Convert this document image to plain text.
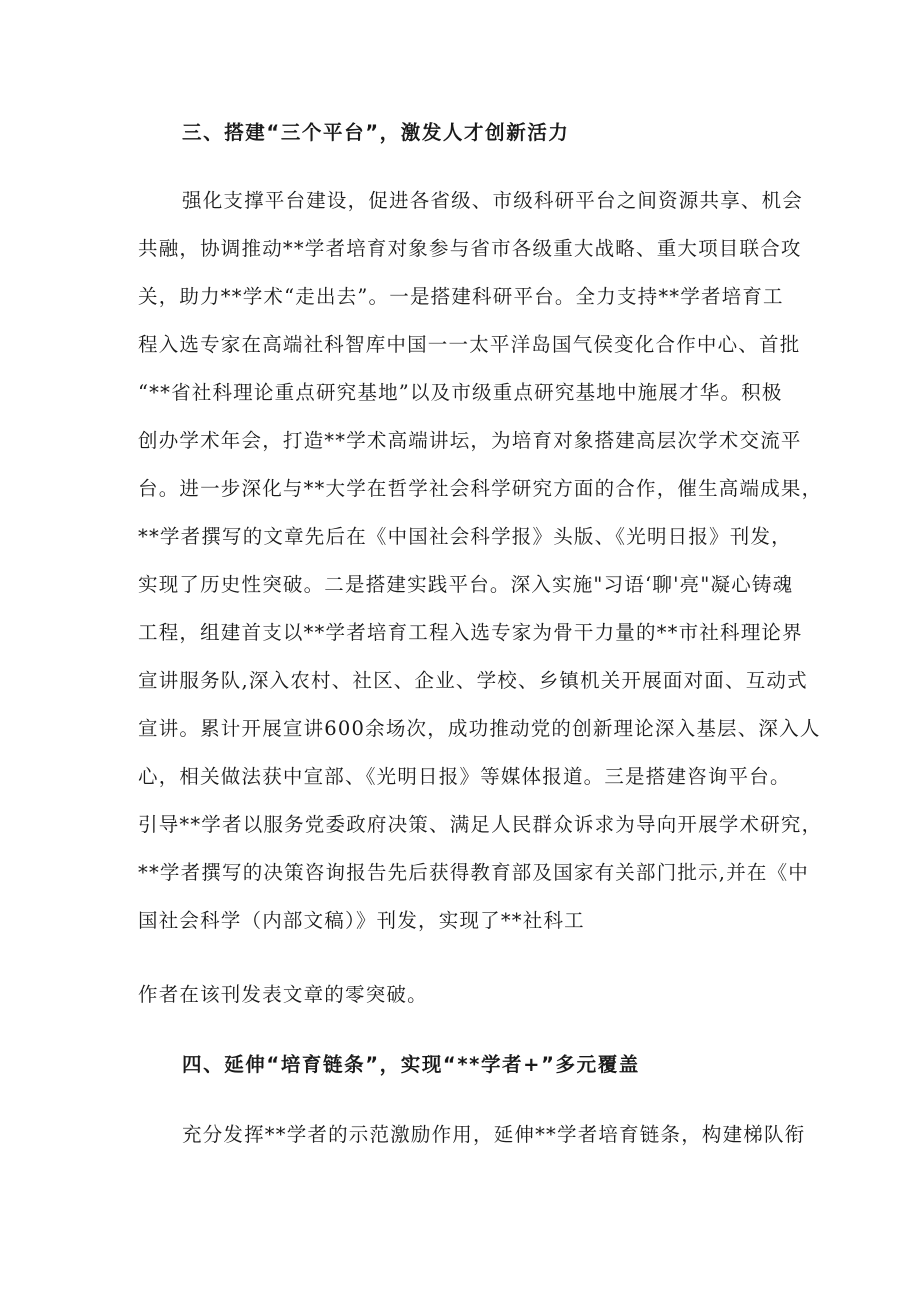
三、搭建“三个平台”，激发人才创新活力
强化支撑平台建设，促进各省级、市级科研平台之间资源共享、机会
共融，协调推动**学者培育对象参与省市各级重大战略、重大项目联合攻
关，助力**学术“走出去”。一是搭建科研平台。全力支持**学者培育工
程入选专家在高端社科智库中国一一太平洋岛国气侯变化合作中心、首批
“**省社科理论重点研究基地”以及市级重点研究基地中施展才华。积极
创办学术年会，打造**学术高端讲坛，为培育对象搭建高层次学术交流平
台。进一步深化与**大学在哲学社会科学研究方面的合作，催生高端成果，
**学者撰写的文章先后在《中国社会科学报》头版、《光明日报》刊发，
实现了历史性突破。二是搭建实践平台。深入实施"习语‘聊'亮"凝心铸魂
工程，组建首支以**学者培育工程入选专家为骨干力量的**市社科理论界
宣讲服务队,深入农村、社区、企业、学校、乡镇机关开展面对面、互动式
宣讲。累计开展宣讲600余场次，成功推动党的创新理论深入基层、深入人
心，相关做法获中宣部、《光明日报》等媒体报道。三是搭建咨询平台。
引导**学者以服务党委政府决策、满足人民群众诉求为导向开展学术研究，
**学者撰写的决策咨询报告先后获得教育部及国家有关部门批示,并在《中
国社会科学（内部文稿）》刊发，实现了**社科工
作者在该刊发表文章的零突破。
四、延伸“培育链条”，实现“**学者+”多元覆盖
充分发挥**学者的示范激励作用，延伸**学者培育链条，构建梯队衔
